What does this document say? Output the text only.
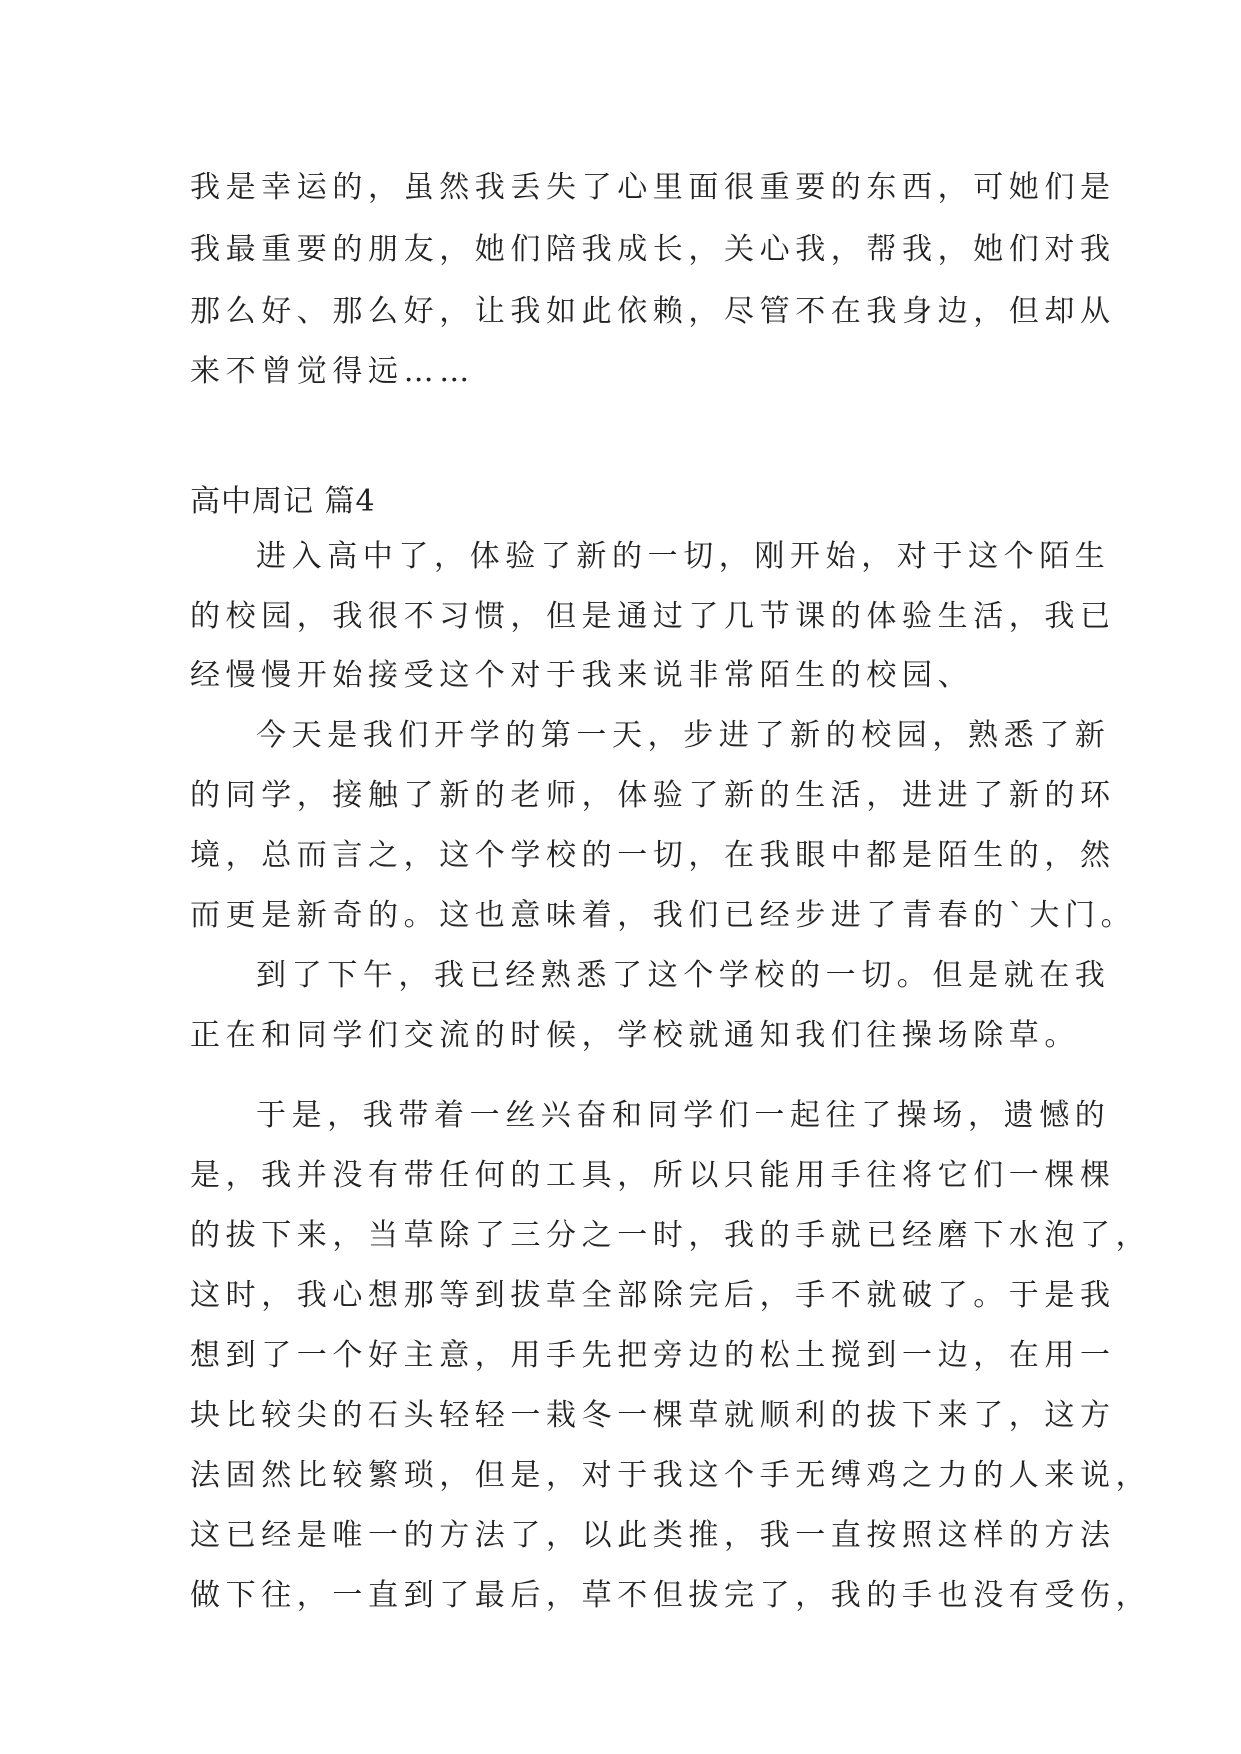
我是幸运的，虽然我丢失了心里面很重要的东西，可她们是
我最重要的朋友，她们陪我成长，关心我，帮我，她们对我
那么好、那么好，让我如此依赖，尽管不在我身边，但却从
来不曾觉得远……
高中周记 篇4
进入高中了，体验了新的一切，刚开始，对于这个陌生
的校园，我很不习惯，但是通过了几节课的体验生活，我已
经慢慢开始接受这个对于我来说非常陌生的校园、
今天是我们开学的第一天，步进了新的校园，熟悉了新
的同学，接触了新的老师，体验了新的生活，进进了新的环
境，总而言之，这个学校的一切，在我眼中都是陌生的，然
而更是新奇的。这也意味着，我们已经步进了青春的`大门。
到了下午，我已经熟悉了这个学校的一切。但是就在我
正在和同学们交流的时候，学校就通知我们往操场除草。
于是，我带着一丝兴奋和同学们一起往了操场，遗憾的
是，我并没有带任何的工具，所以只能用手往将它们一棵棵
的拔下来，当草除了三分之一时，我的手就已经磨下水泡了，
这时，我心想那等到拔草全部除完后，手不就破了。于是我
想到了一个好主意，用手先把旁边的松土搅到一边，在用一
块比较尖的石头轻轻一栽冬一棵草就顺利的拔下来了，这方
法固然比较繁琐，但是，对于我这个手无缚鸡之力的人来说，
这已经是唯一的方法了，以此类推，我一直按照这样的方法
做下往，一直到了最后，草不但拔完了，我的手也没有受伤，
